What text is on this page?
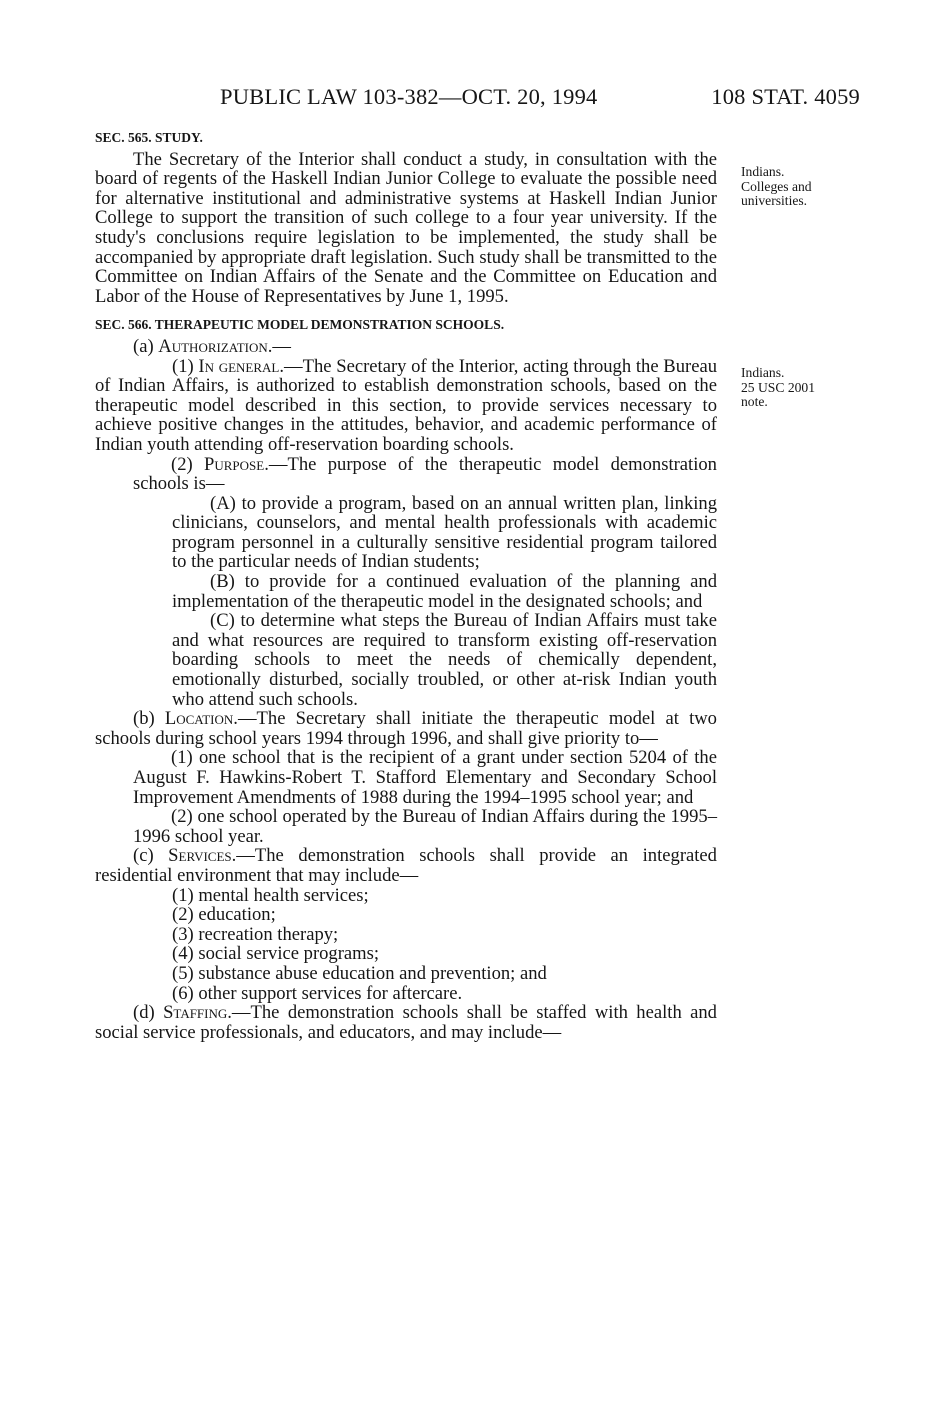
PUBLIC LAW 103-382—OCT. 20, 1994	108 STAT. 4059
Indians.
Colleges and
universities.
Indians.
25 USC 2001
note.
SEC. 565. STUDY.

The Secretary of the Interior shall conduct a study, in consultation with the board of regents of the Haskell Indian Junior College to evaluate the possible need for alternative institutional and administrative systems at Haskell Indian Junior College to support the transition of such college to a four year university. If the study's conclusions require legislation to be implemented, the study shall be accompanied by appropriate draft legislation. Such study shall be transmitted to the Committee on Indian Affairs of the Senate and the Committee on Education and Labor of the House of Representatives by June 1, 1995.

SEC. 566. THERAPEUTIC MODEL DEMONSTRATION SCHOOLS.

(a) Authorization.—

(1) In general.—The Secretary of the Interior, acting through the Bureau of Indian Affairs, is authorized to establish demonstration schools, based on the therapeutic model described in this section, to provide services necessary to achieve positive changes in the attitudes, behavior, and academic performance of Indian youth attending off-reservation boarding schools.

(2) Purpose.—The purpose of the therapeutic model demonstration schools is—

(A) to provide a program, based on an annual written plan, linking clinicians, counselors, and mental health professionals with academic program personnel in a culturally sensitive residential program tailored to the particular needs of Indian students;

(B) to provide for a continued evaluation of the planning and implementation of the therapeutic model in the designated schools; and

(C) to determine what steps the Bureau of Indian Affairs must take and what resources are required to transform existing off-reservation boarding schools to meet the needs of chemically dependent, emotionally disturbed, socially troubled, or other at-risk Indian youth who attend such schools.

(b) Location.—The Secretary shall initiate the therapeutic model at two schools during school years 1994 through 1996, and shall give priority to—

(1) one school that is the recipient of a grant under section 5204 of the August F. Hawkins-Robert T. Stafford Elementary and Secondary School Improvement Amendments of 1988 during the 1994–1995 school year; and

(2) one school operated by the Bureau of Indian Affairs during the 1995–1996 school year.

(c) Services.—The demonstration schools shall provide an integrated residential environment that may include—

(1) mental health services;

(2) education;

(3) recreation therapy;

(4) social service programs;

(5) substance abuse education and prevention; and

(6) other support services for aftercare.

(d) Staffing.—The demonstration schools shall be staffed with health and social service professionals, and educators, and may include—
